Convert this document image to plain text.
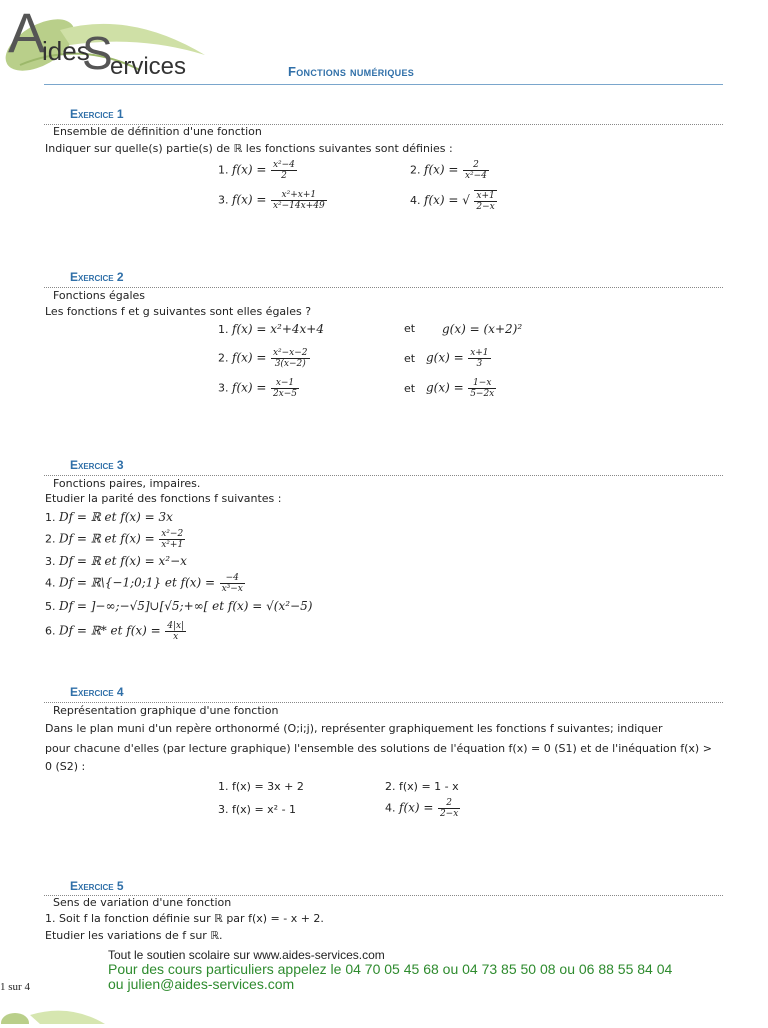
A
ides
S
ervices	Fonctions numériques
Exercice 1
Ensemble de définition d'une fonction
Indiquer sur quelle(s) partie(s) de ℝ les fonctions suivantes sont définies :
1. $f(x) = \frac{\text{x²−4}}{2}$	2. $f(x) = \frac{2}{\text{x²−4}}$
3. $f(x) = \frac{\text{x²+x+1}}{\text{x²−14x+49}}$	4. f(x) = √ $\frac{x+1}{2-x}$
Exercice 2
Fonctions égales
Les fonctions f et g suivantes sont elles égales ?
1. f(x) = x²+4x+4	et g(x) = (x+2)²
2. $f(x) = \frac{\text{x²−x−2}}{3(x-2)}$	et $g(x) = \frac{x+1}{3}$
3. $f(x) = \frac{x-1}{2x-5}$	et $g(x) = \frac{1-x}{5-2x}$
Exercice 3
Fonctions paires, impaires.
Etudier la parité des fonctions f suivantes :
1. Df = ℝ et f(x) = 3x
2. Df = ℝ et $f(x) = \frac{\text{x²−2}}{\text{x²+1}}$
3. Df = ℝ et f(x) = x²−x
4. Df = ℝ\{−1;0;1} et $f(x) = \frac{-4}{\text{x³−x}}$
5. Df = ]−∞;−√5]∪[√5;+∞[ et f(x) = √(x²−5)
6. Df = ℝ* et $f(x) = \frac{4|x|}{x}$
Exercice 4
Représentation graphique d'une fonction
Dans le plan muni d'un repère orthonormé (O;i;j), représenter graphiquement les fonctions f suivantes; indiquer
pour chacune d'elles (par lecture graphique) l'ensemble des solutions de l'équation f(x) = 0 (S1) et de l'inéquation f(x) >
0 (S2) :
1. f(x) = 3x + 2	2. f(x) = 1 - x
3. f(x) = x² - 1	4. $f(x) = \frac{2}{2-x}$
Exercice 5
Sens de variation d'une fonction
1. Soit f la fonction définie sur ℝ par f(x) = - x + 2.
Etudier les variations de f sur ℝ.
Tout le soutien scolaire sur www.aides-services.com
Pour des cours particuliers appelez le 04 70 05 45 68 ou 04 73 85 50 08 ou 06 88 55 84 04
ou julien@aides-services.com
1 sur 4
